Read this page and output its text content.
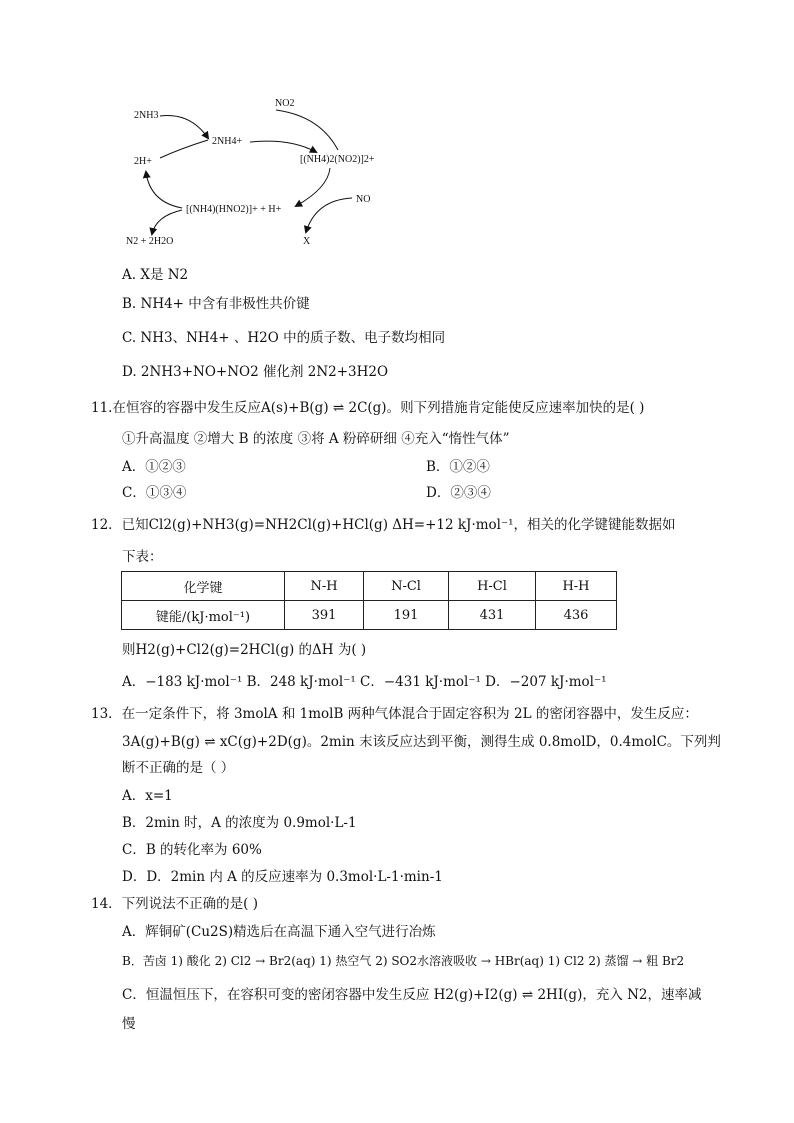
2NH3
2NH4+
NO2
[(NH4)2(NO2)]2+
2H+
NO
[(NH4)(HNO2)]+ + H+
X
N2 + 2H2O
A. X是 N2
B. NH4+ 中含有非极性共价键
C. NH3、NH4+ 、H2O 中的质子数、电子数均相同
D. 2NH3+NO+NO2 催化剂 2N2+3H2O
11.在恒容的容器中发生反应A(s)+B(g) ⇌ 2C(g)。则下列措施肯定能使反应速率加快的是( )
①升高温度 ②增大 B 的浓度 ③将 A 粉碎研细 ④充入“惰性气体”
A．①②③	B．①②④
C．①③④	D．②③④
12．已知Cl2(g)+NH3(g)=NH2Cl(g)+HCl(g) ΔH=+12 kJ·mol⁻¹，相关的化学键键能数据如
下表：
化学键	N-H	N-Cl	H-Cl	H-H
键能/(kJ·mol⁻¹)	391	191	431	436
则H2(g)+Cl2(g)=2HCl(g) 的ΔH 为( )
A．−183 kJ·mol⁻¹ B．248 kJ·mol⁻¹ C．−431 kJ·mol⁻¹ D．−207 kJ·mol⁻¹
13．在一定条件下，将 3molA 和 1molB 两种气体混合于固定容积为 2L 的密闭容器中，发生反应：
3A(g)+B(g) ⇌ xC(g)+2D(g)。2min 末该反应达到平衡，测得生成 0.8molD，0.4molC。下列判
断不正确的是（ ）
A．x=1
B．2min 时，A 的浓度为 0.9mol·L-1
C．B 的转化率为 60%
D．D．2min 内 A 的反应速率为 0.3mol·L-1·min-1
14．下列说法不正确的是( )
A．辉铜矿(Cu2S)精选后在高温下通入空气进行冶炼
B．苦卤 1) 酸化 2) Cl2 → Br2(aq) 1) 热空气 2) SO2水溶液吸收 → HBr(aq) 1) Cl2 2) 蒸馏 → 粗 Br2
C．恒温恒压下，在容积可变的密闭容器中发生反应 H2(g)+I2(g) ⇌ 2HI(g)，充入 N2，速率减
慢
